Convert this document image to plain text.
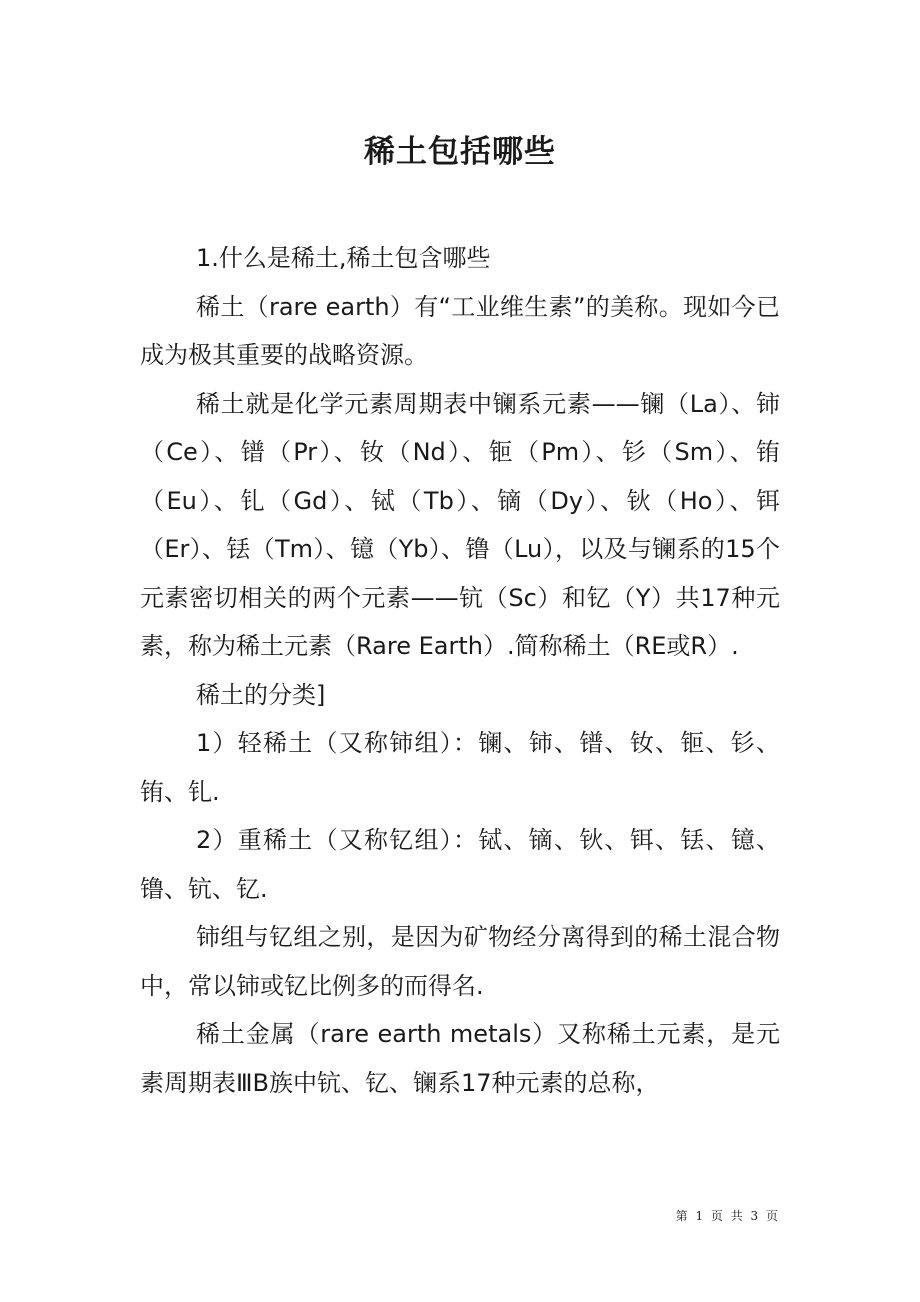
稀土包括哪些

1.什么是稀土,稀土包含哪些

稀土（rare earth）有“工业维生素”的美称。现如今已成为极其重要的战略资源。

稀土就是化学元素周期表中镧系元素——镧（La）、铈（Ce）、镨（Pr）、钕（Nd）、钷（Pm）、钐（Sm）、铕（Eu）、钆（Gd）、铽（Tb）、镝（Dy）、钬（Ho）、铒（Er）、铥（Tm）、镱（Yb）、镥（Lu），以及与镧系的15个元素密切相关的两个元素——钪（Sc）和钇（Y）共17种元素，称为稀土元素（Rare Earth）.简称稀土（RE或R）.

稀土的分类]

1）轻稀土（又称铈组）：镧、铈、镨、钕、钷、钐、铕、钆.

2）重稀土（又称钇组）：铽、镝、钬、铒、铥、镱、镥、钪、钇.

铈组与钇组之别，是因为矿物经分离得到的稀土混合物中，常以铈或钇比例多的而得名.

稀土金属（rare earth metals）又称稀土元素，是元素周期表ⅢB族中钪、钇、镧系17种元素的总称，

第 1 页 共 3 页
